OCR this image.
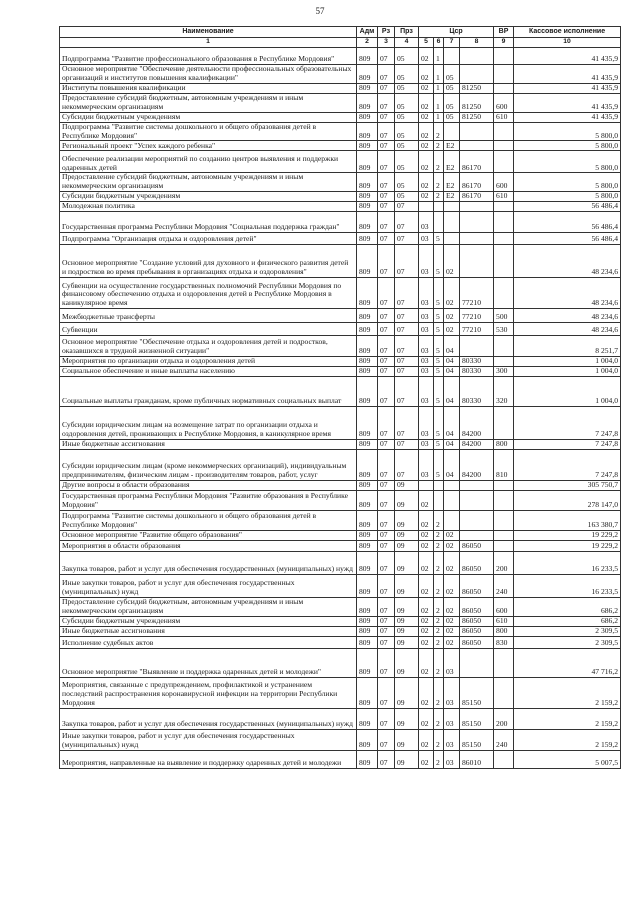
57
Наименование	Адм	Рз	Прз	Цср				ВР	Кассовое исполнение
1	2	3	4	5	6	7	8	9	10
Подпрограмма "Развитие профессионального образования в Республике Мордовия"	809	07	05	02	1				41 435,9
Основное мероприятие "Обеспечение деятельности профессиональных образовательных организаций и институтов повышения квалификации"	809	07	05	02	1	05			41 435,9
Институты повышения квалификации	809	07	05	02	1	05	81250		41 435,9
Предоставление субсидий бюджетным, автономным учреждениям и иным некоммерческим организациям	809	07	05	02	1	05	81250	600	41 435,9
Субсидии бюджетным учреждениям	809	07	05	02	1	05	81250	610	41 435,9
Подпрограмма "Развитие системы дошкольного и общего образования детей в Республике Мордовия"	809	07	05	02	2				5 800,0
Региональный проект "Успех каждого ребенка"	809	07	05	02	2	E2			5 800,0
Обеспечение реализации мероприятий по созданию центров выявления и поддержки одаренных детей	809	07	05	02	2	E2	86170		5 800,0
Предоставление субсидий бюджетным, автономным учреждениям и иным некоммерческим организациям	809	07	05	02	2	E2	86170	600	5 800,0
Субсидии бюджетным учреждениям	809	07	05	02	2	E2	86170	610	5 800,0
Молодежная политика	809	07	07						56 486,4
Государственная программа Республики Мордовия "Социальная поддержка граждан"	809	07	07	03					56 486,4
Подпрограмма "Организация отдыха и оздоровления детей"	809	07	07	03	5				56 486,4
Основное мероприятие "Создание условий для духовного и физического развития детей и подростков во время пребывания в организациях отдыха и оздоровления"	809	07	07	03	5	02			48 234,6
Субвенции на осуществление государственных полномочий Республики Мордовия по финансовому обеспечению отдыха и оздоровления детей в Республике Мордовия в каникулярное время	809	07	07	03	5	02	77210		48 234,6
Межбюджетные трансферты	809	07	07	03	5	02	77210	500	48 234,6
Субвенции	809	07	07	03	5	02	77210	530	48 234,6
Основное мероприятие "Обеспечение отдыха и оздоровления детей и подростков, оказавшихся в трудной жизненной ситуации"	809	07	07	03	5	04			8 251,7
Мероприятия по организации отдыха и оздоровления детей	809	07	07	03	5	04	80330		1 004,0
Социальное обеспечение и иные выплаты населению	809	07	07	03	5	04	80330	300	1 004,0
Социальные выплаты гражданам, кроме публичных нормативных социальных выплат	809	07	07	03	5	04	80330	320	1 004,0
Субсидии юридическим лицам на возмещение затрат по организации отдыха и оздоровления детей, проживающих в Республике Мордовия, в каникулярное время	809	07	07	03	5	04	84200		7 247,8
Иные бюджетные ассигнования	809	07	07	03	5	04	84200	800	7 247,8
Субсидии юридическим лицам (кроме некоммерческих организаций), индивидуальным предпринимателям, физическим лицам - производителям товаров, работ, услуг	809	07	07	03	5	04	84200	810	7 247,8
Другие вопросы в области образования	809	07	09						305 750,7
Государственная программа Республики Мордовия "Развитие образования в Республике Мордовия"	809	07	09	02					278 147,0
Подпрограмма "Развитие системы дошкольного и общего образования детей в Республике Мордовия"	809	07	09	02	2				163 380,7
Основное мероприятие "Развитие общего образования"	809	07	09	02	2	02			19 229,2
Мероприятия в области образования	809	07	09	02	2	02	86050		19 229,2
Закупка товаров, работ и услуг для обеспечения государственных (муниципальных) нужд	809	07	09	02	2	02	86050	200	16 233,5
Иные закупки товаров, работ и услуг для обеспечения государственных (муниципальных) нужд	809	07	09	02	2	02	86050	240	16 233,5
Предоставление субсидий бюджетным, автономным учреждениям и иным некоммерческим организациям	809	07	09	02	2	02	86050	600	686,2
Субсидии бюджетным учреждениям	809	07	09	02	2	02	86050	610	686,2
Иные бюджетные ассигнования	809	07	09	02	2	02	86050	800	2 309,5
Исполнение судебных актов	809	07	09	02	2	02	86050	830	2 309,5
Основное мероприятие "Выявление и поддержка одаренных детей и молодежи"	809	07	09	02	2	03			47 716,2
Мероприятия, связанные с предупреждением, профилактикой и устранением последствий распространения коронавирусной инфекции на территории Республики Мордовия	809	07	09	02	2	03	85150		2 159,2
Закупка товаров, работ и услуг для обеспечения государственных (муниципальных) нужд	809	07	09	02	2	03	85150	200	2 159,2
Иные закупки товаров, работ и услуг для обеспечения государственных (муниципальных) нужд	809	07	09	02	2	03	85150	240	2 159,2
Мероприятия, направленные на выявление и поддержку одаренных детей и молодежи	809	07	09	02	2	03	86010		5 007,5
